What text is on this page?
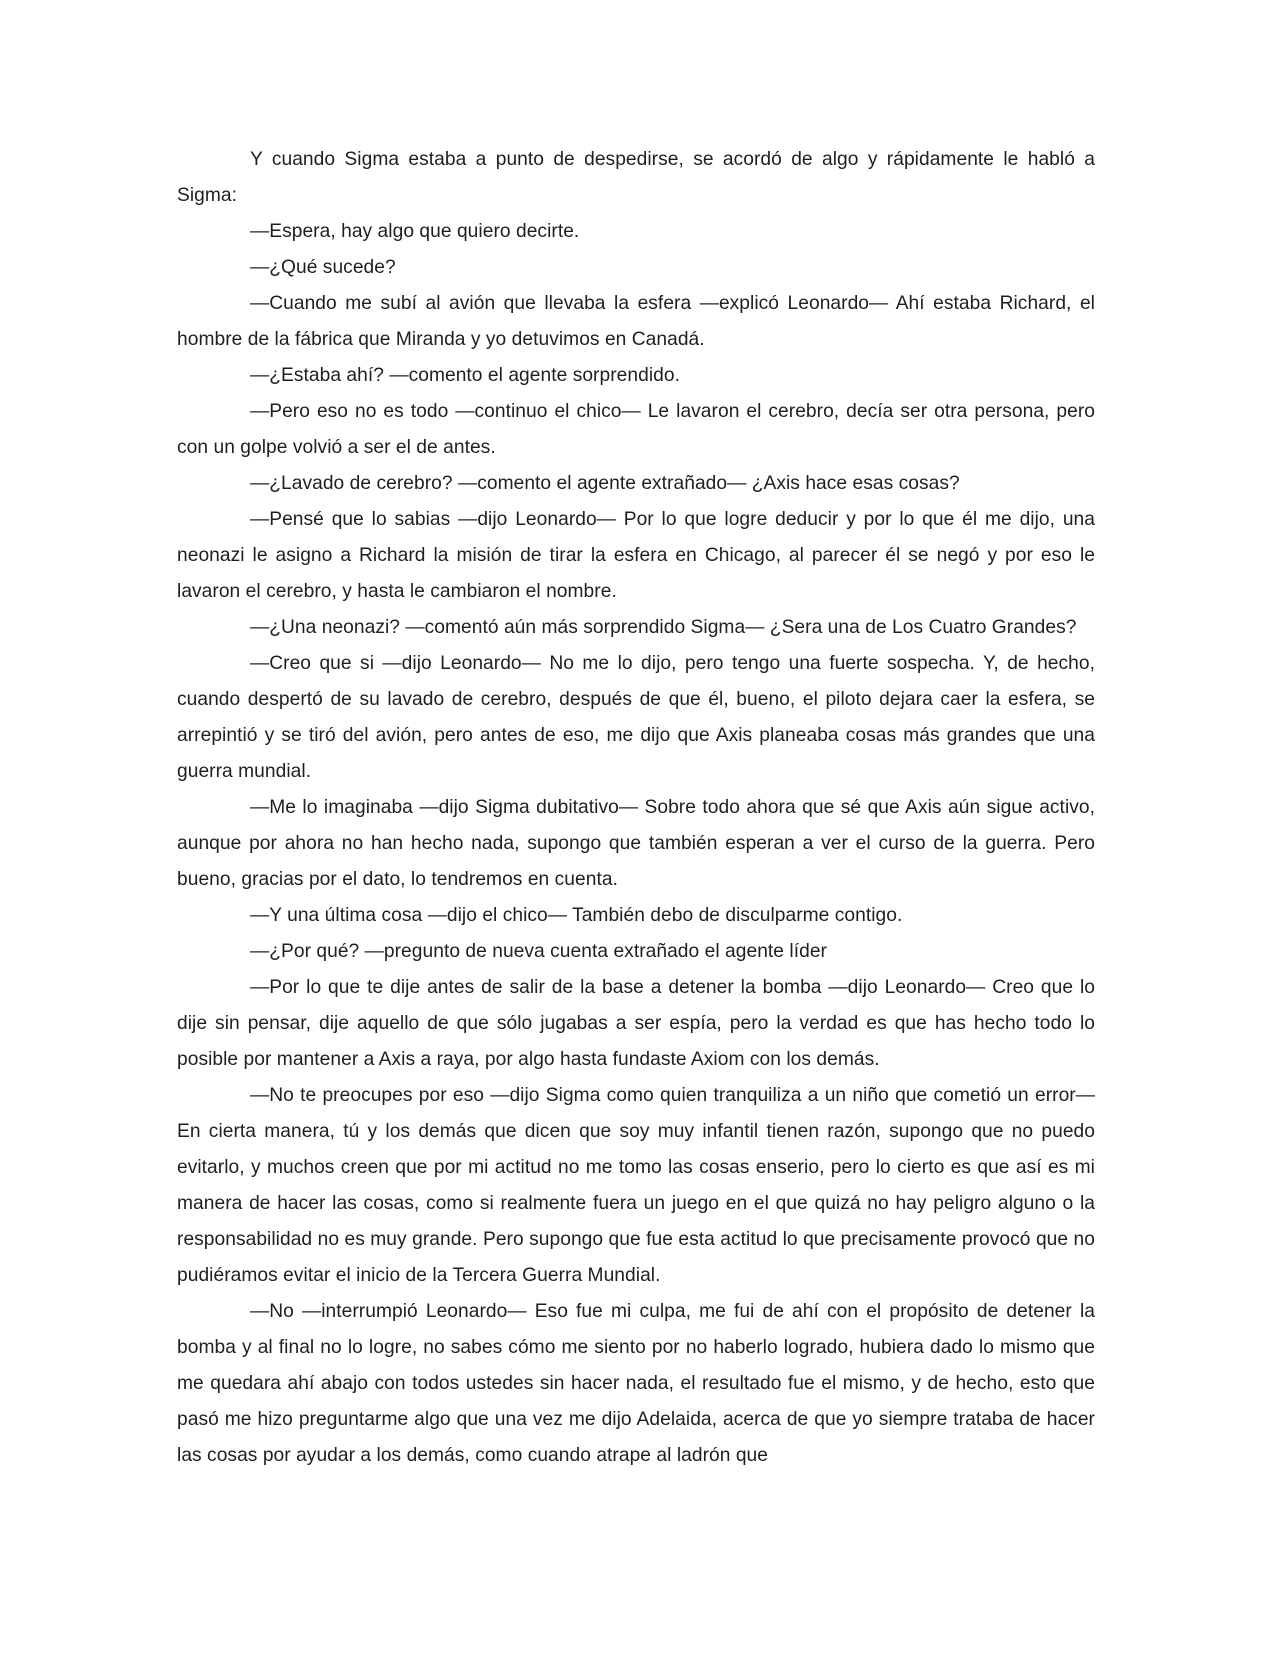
Y cuando Sigma estaba a punto de despedirse, se acordó de algo y rápidamente le habló a Sigma:

―Espera, hay algo que quiero decirte.

―¿Qué sucede?

―Cuando me subí al avión que llevaba la esfera ―explicó Leonardo― Ahí estaba Richard, el hombre de la fábrica que Miranda y yo detuvimos en Canadá.

―¿Estaba ahí? ―comento el agente sorprendido.

―Pero eso no es todo ―continuo el chico― Le lavaron el cerebro, decía ser otra persona, pero con un golpe volvió a ser el de antes.

―¿Lavado de cerebro? ―comento el agente extrañado― ¿Axis hace esas cosas?

―Pensé que lo sabias ―dijo Leonardo― Por lo que logre deducir y por lo que él me dijo, una neonazi le asigno a Richard la misión de tirar la esfera en Chicago, al parecer él se negó y por eso le lavaron el cerebro, y hasta le cambiaron el nombre.

―¿Una neonazi? ―comentó aún más sorprendido Sigma― ¿Sera una de Los Cuatro Grandes?

―Creo que si ―dijo Leonardo― No me lo dijo, pero tengo una fuerte sospecha. Y, de hecho, cuando despertó de su lavado de cerebro, después de que él, bueno, el piloto dejara caer la esfera, se arrepintió y se tiró del avión, pero antes de eso, me dijo que Axis planeaba cosas más grandes que una guerra mundial.

―Me lo imaginaba ―dijo Sigma dubitativo― Sobre todo ahora que sé que Axis aún sigue activo, aunque por ahora no han hecho nada, supongo que también esperan a ver el curso de la guerra. Pero bueno, gracias por el dato, lo tendremos en cuenta.

―Y una última cosa ―dijo el chico― También debo de disculparme contigo.

―¿Por qué? ―pregunto de nueva cuenta extrañado el agente líder

―Por lo que te dije antes de salir de la base a detener la bomba ―dijo Leonardo― Creo que lo dije sin pensar, dije aquello de que sólo jugabas a ser espía, pero la verdad es que has hecho todo lo posible por mantener a Axis a raya, por algo hasta fundaste Axiom con los demás.

―No te preocupes por eso ―dijo Sigma como quien tranquiliza a un niño que cometió un error― En cierta manera, tú y los demás que dicen que soy muy infantil tienen razón, supongo que no puedo evitarlo, y muchos creen que por mi actitud no me tomo las cosas enserio, pero lo cierto es que así es mi manera de hacer las cosas, como si realmente fuera un juego en el que quizá no hay peligro alguno o la responsabilidad no es muy grande. Pero supongo que fue esta actitud lo que precisamente provocó que no pudiéramos evitar el inicio de la Tercera Guerra Mundial.

―No ―interrumpió Leonardo― Eso fue mi culpa, me fui de ahí con el propósito de detener la bomba y al final no lo logre, no sabes cómo me siento por no haberlo logrado, hubiera dado lo mismo que me quedara ahí abajo con todos ustedes sin hacer nada, el resultado fue el mismo, y de hecho, esto que pasó me hizo preguntarme algo que una vez me dijo Adelaida, acerca de que yo siempre trataba de hacer las cosas por ayudar a los demás, como cuando atrape al ladrón que
